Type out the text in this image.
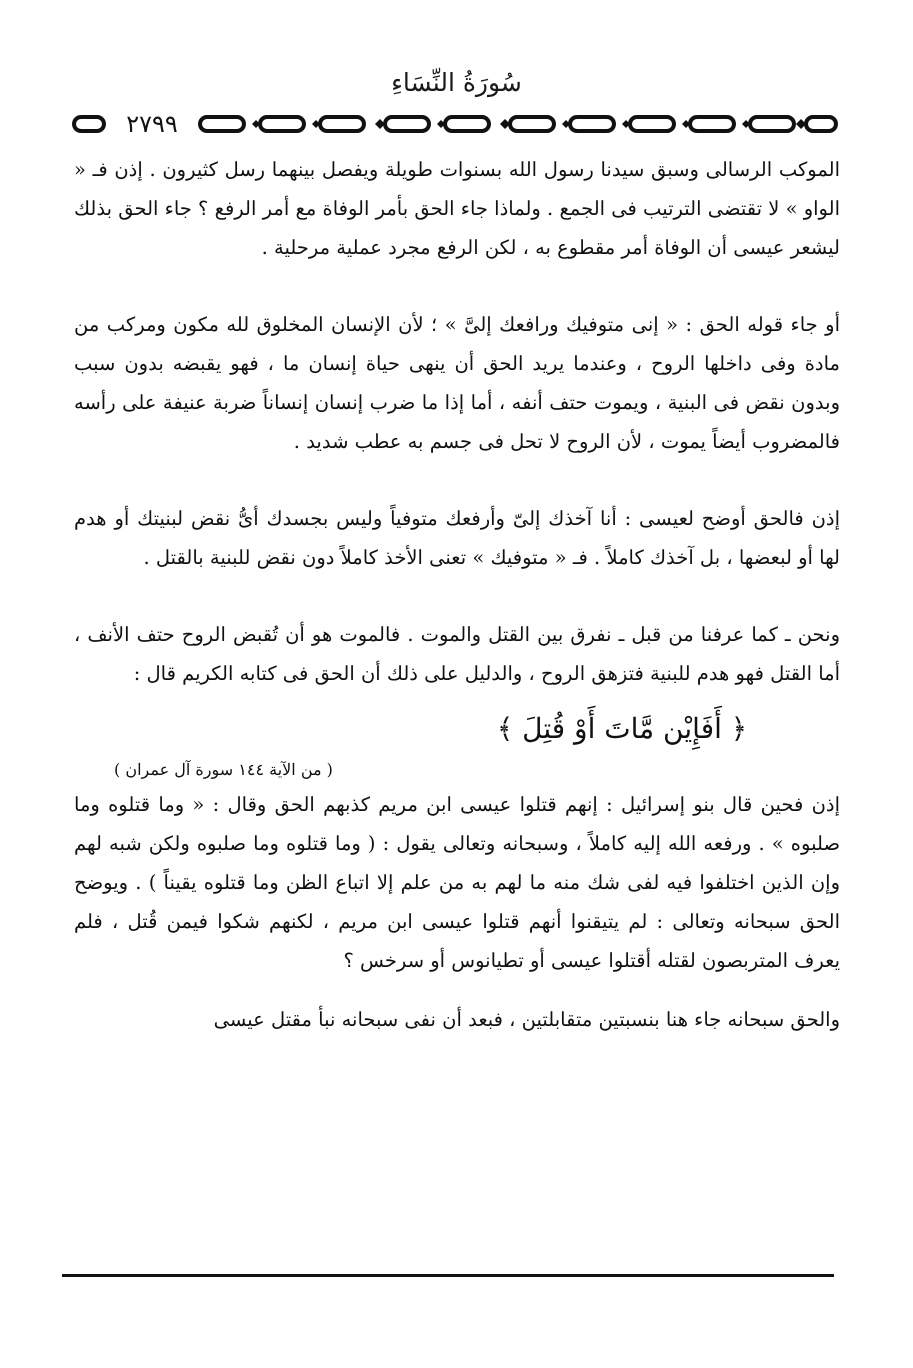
سُورَةُ النِّسَاءِ
٢٧٩٩

الموكب الرسالى وسبق سيدنا رسول الله بسنوات طويلة ويفصل بينهما رسل كثيرون . إذن فـ « الواو » لا تقتضى الترتيب فى الجمع . ولماذا جاء الحق بأمر الوفاة مع أمر الرفع ؟ جاء الحق بذلك ليشعر عيسى أن الوفاة أمر مقطوع به ، لكن الرفع مجرد عملية مرحلية .

أو جاء قوله الحق : « إنى متوفيك ورافعك إلىَّ » ؛ لأن الإنسان المخلوق لله مكون ومركب من مادة وفى داخلها الروح ، وعندما يريد الحق أن ينهى حياة إنسان ما ، فهو يقبضه بدون سبب وبدون نقض فى البنية ، ويموت حتف أنفه ، أما إذا ما ضرب إنسان إنساناً ضربة عنيفة على رأسه فالمضروب أيضاً يموت ، لأن الروح لا تحل فى جسم به عطب شديد .

إذن فالحق أوضح لعيسى : أنا آخذك إلىّ وأرفعك متوفياً وليس بجسدك أىُّ نقض لبنيتك أو هدم لها أو لبعضها ، بل آخذك كاملاً . فـ « متوفيك » تعنى الأخذ كاملاً دون نقض للبنية بالقتل .

ونحن ـ كما عرفنا من قبل ـ نفرق بين القتل والموت . فالموت هو أن تُقبض الروح حتف الأنف ، أما القتل فهو هدم للبنية فتزهق الروح ، والدليل على ذلك أن الحق فى كتابه الكريم قال :

﴿ أَفَإِيْن مَّاتَ أَوْ قُتِلَ ﴾
( من الآية ١٤٤ سورة آل عمران )

إذن فحين قال بنو إسرائيل : إنهم قتلوا عيسى ابن مريم كذبهم الحق وقال : « وما قتلوه وما صلبوه » . ورفعه الله إليه كاملاً ، وسبحانه وتعالى يقول : ( وما قتلوه وما صلبوه ولكن شبه لهم وإن الذين اختلفوا فيه لفى شك منه ما لهم به من علم إلا اتباع الظن وما قتلوه يقيناً ) . ويوضح الحق سبحانه وتعالى : لم يتيقنوا أنهم قتلوا عيسى ابن مريم ، لكنهم شكوا فيمن قُتل ، فلم يعرف المتربصون لقتله أقتلوا عيسى أو تطيانوس أو سرخس ؟

والحق سبحانه جاء هنا بنسبتين متقابلتين ، فبعد أن نفى سبحانه نبأ مقتل عيسى
